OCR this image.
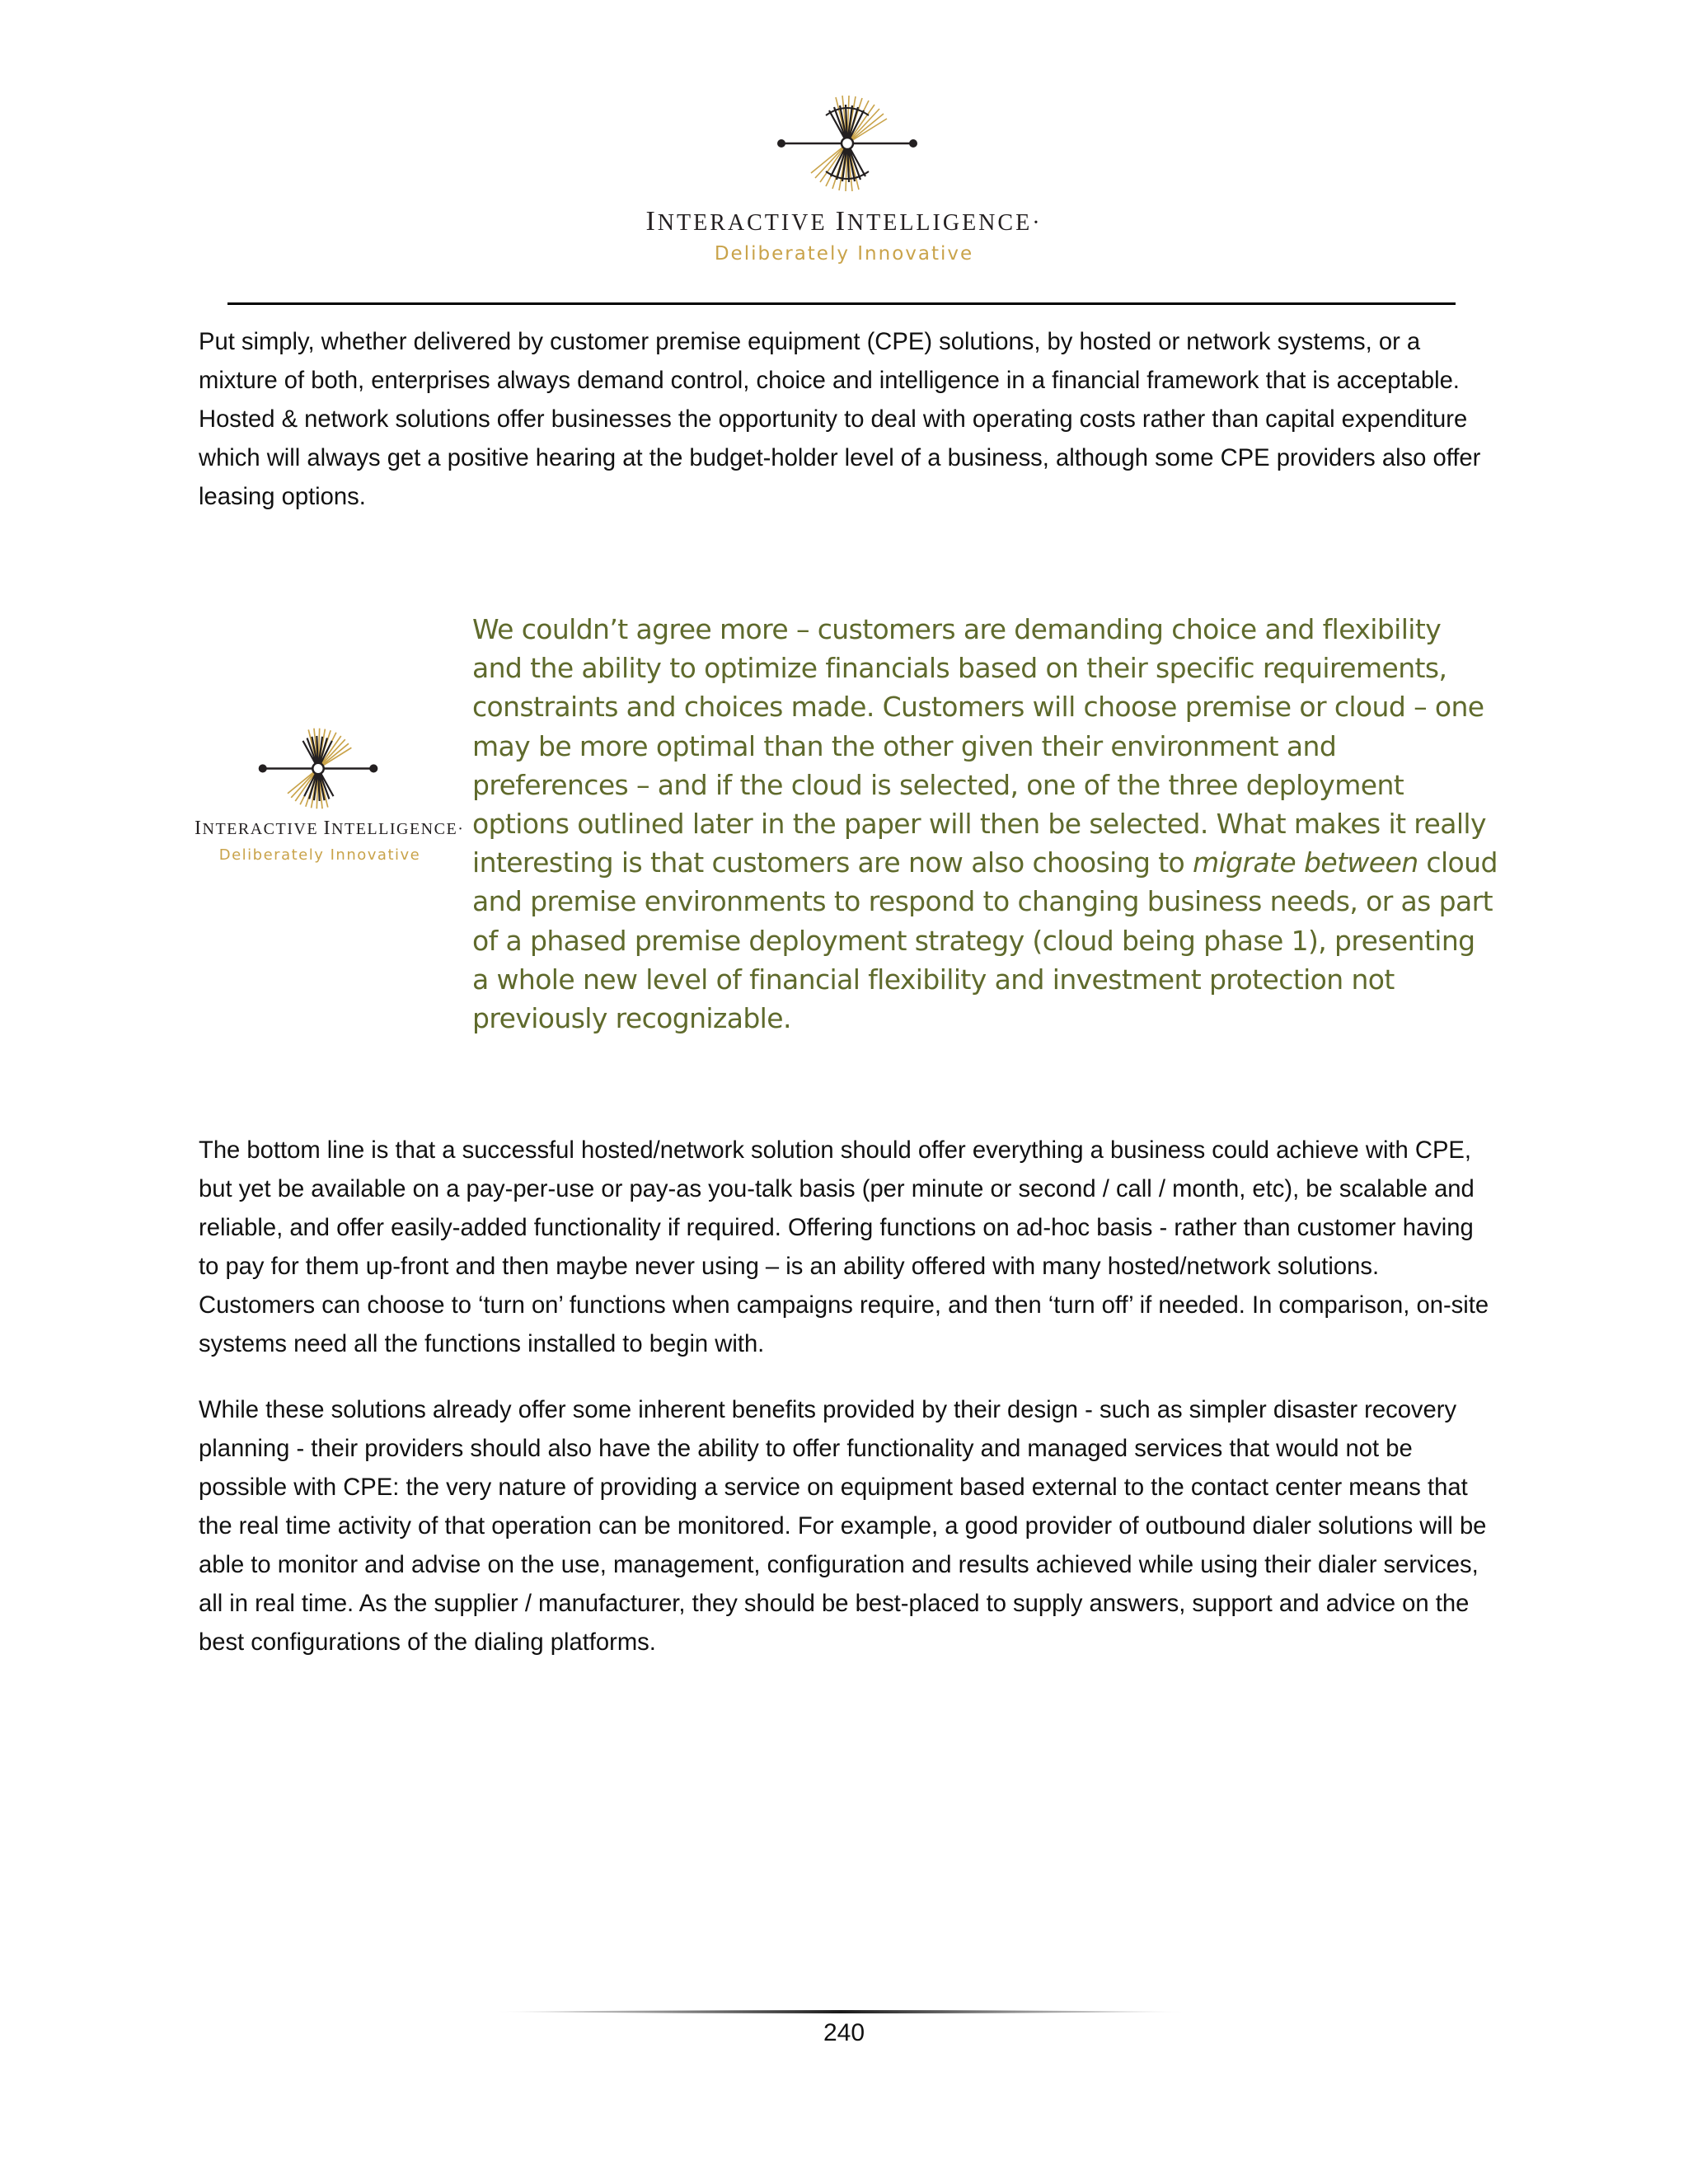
INTERACTIVE INTELLIGENCE·
Deliberately Innovative

Put simply, whether delivered by customer premise equipment (CPE) solutions, by hosted or network systems, or a mixture of both, enterprises always demand control, choice and intelligence in a financial framework that is acceptable. Hosted & network solutions offer businesses the opportunity to deal with operating costs rather than capital expenditure which will always get a positive hearing at the budget-holder level of a business, although some CPE providers also offer leasing options.

INTERACTIVE INTELLIGENCE·
Deliberately Innovative

We couldn’t agree more – customers are demanding choice and flexibility and the ability to optimize financials based on their specific requirements, constraints and choices made. Customers will choose premise or cloud – one may be more optimal than the other given their environment and preferences – and if the cloud is selected, one of the three deployment options outlined later in the paper will then be selected. What makes it really interesting is that customers are now also choosing to migrate between cloud and premise environments to respond to changing business needs, or as part of a phased premise deployment strategy (cloud being phase 1), presenting a whole new level of financial flexibility and investment protection not previously recognizable.

The bottom line is that a successful hosted/network solution should offer everything a business could achieve with CPE, but yet be available on a pay-per-use or pay-as you-talk basis (per minute or second / call / month, etc), be scalable and reliable, and offer easily-added functionality if required. Offering functions on ad-hoc basis - rather than customer having to pay for them up-front and then maybe never using – is an ability offered with many hosted/network solutions. Customers can choose to ‘turn on’ functions when campaigns require, and then ‘turn off’ if needed. In comparison, on-site systems need all the functions installed to begin with.

While these solutions already offer some inherent benefits provided by their design - such as simpler disaster recovery planning - their providers should also have the ability to offer functionality and managed services that would not be possible with CPE: the very nature of providing a service on equipment based external to the contact center means that the real time activity of that operation can be monitored. For example, a good provider of outbound dialer solutions will be able to monitor and advise on the use, management, configuration and results achieved while using their dialer services, all in real time. As the supplier / manufacturer, they should be best-placed to supply answers, support and advice on the best configurations of the dialing platforms.

240
